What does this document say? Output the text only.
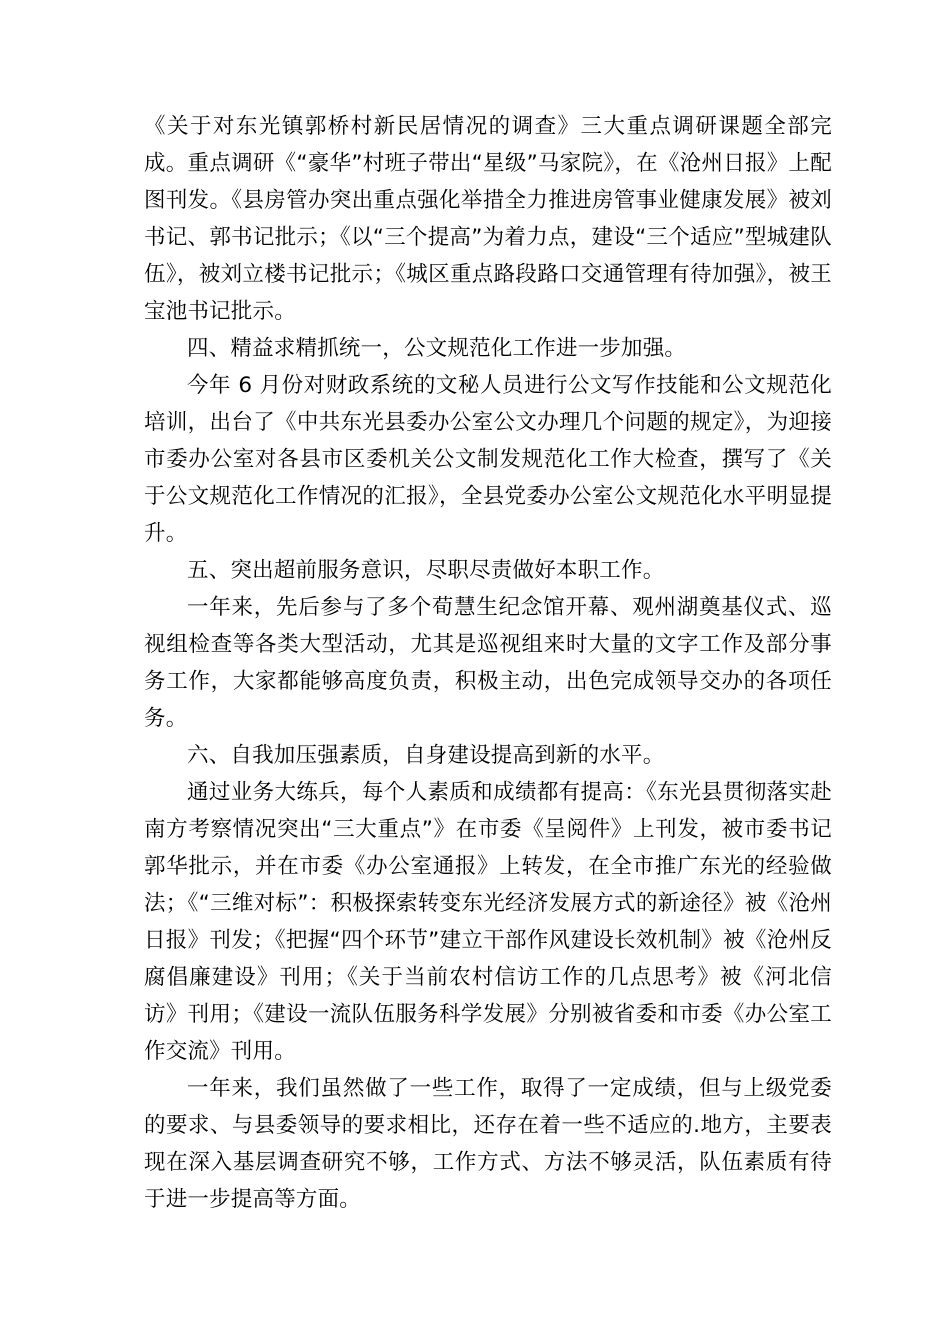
《关于对东光镇郭桥村新民居情况的调查》三大重点调研课题全部完成。重点调研《“豪华”村班子带出“星级”马家院》，在《沧州日报》上配图刊发。《县房管办突出重点强化举措全力推进房管事业健康发展》被刘书记、郭书记批示；《以“三个提高”为着力点，建设“三个适应”型城建队伍》，被刘立楼书记批示；《城区重点路段路口交通管理有待加强》，被王宝池书记批示。

四、精益求精抓统一，公文规范化工作进一步加强。

今年 6 月份对财政系统的文秘人员进行公文写作技能和公文规范化培训，出台了《中共东光县委办公室公文办理几个问题的规定》，为迎接市委办公室对各县市区委机关公文制发规范化工作大检查，撰写了《关于公文规范化工作情况的汇报》，全县党委办公室公文规范化水平明显提升。

五、突出超前服务意识，尽职尽责做好本职工作。

一年来，先后参与了多个荀慧生纪念馆开幕、观州湖奠基仪式、巡视组检查等各类大型活动，尤其是巡视组来时大量的文字工作及部分事务工作，大家都能够高度负责，积极主动，出色完成领导交办的各项任务。

六、自我加压强素质，自身建设提高到新的水平。

通过业务大练兵，每个人素质和成绩都有提高：《东光县贯彻落实赴南方考察情况突出“三大重点”》在市委《呈阅件》上刊发，被市委书记郭华批示，并在市委《办公室通报》上转发，在全市推广东光的经验做法；《“三维对标”：积极探索转变东光经济发展方式的新途径》被《沧州日报》刊发；《把握“四个环节”建立干部作风建设长效机制》被《沧州反腐倡廉建设》刊用；《关于当前农村信访工作的几点思考》被《河北信访》刊用；《建设一流队伍服务科学发展》分别被省委和市委《办公室工作交流》刊用。

一年来，我们虽然做了一些工作，取得了一定成绩，但与上级党委的要求、与县委领导的要求相比，还存在着一些不适应的.地方，主要表现在深入基层调查研究不够，工作方式、方法不够灵活，队伍素质有待于进一步提高等方面。
